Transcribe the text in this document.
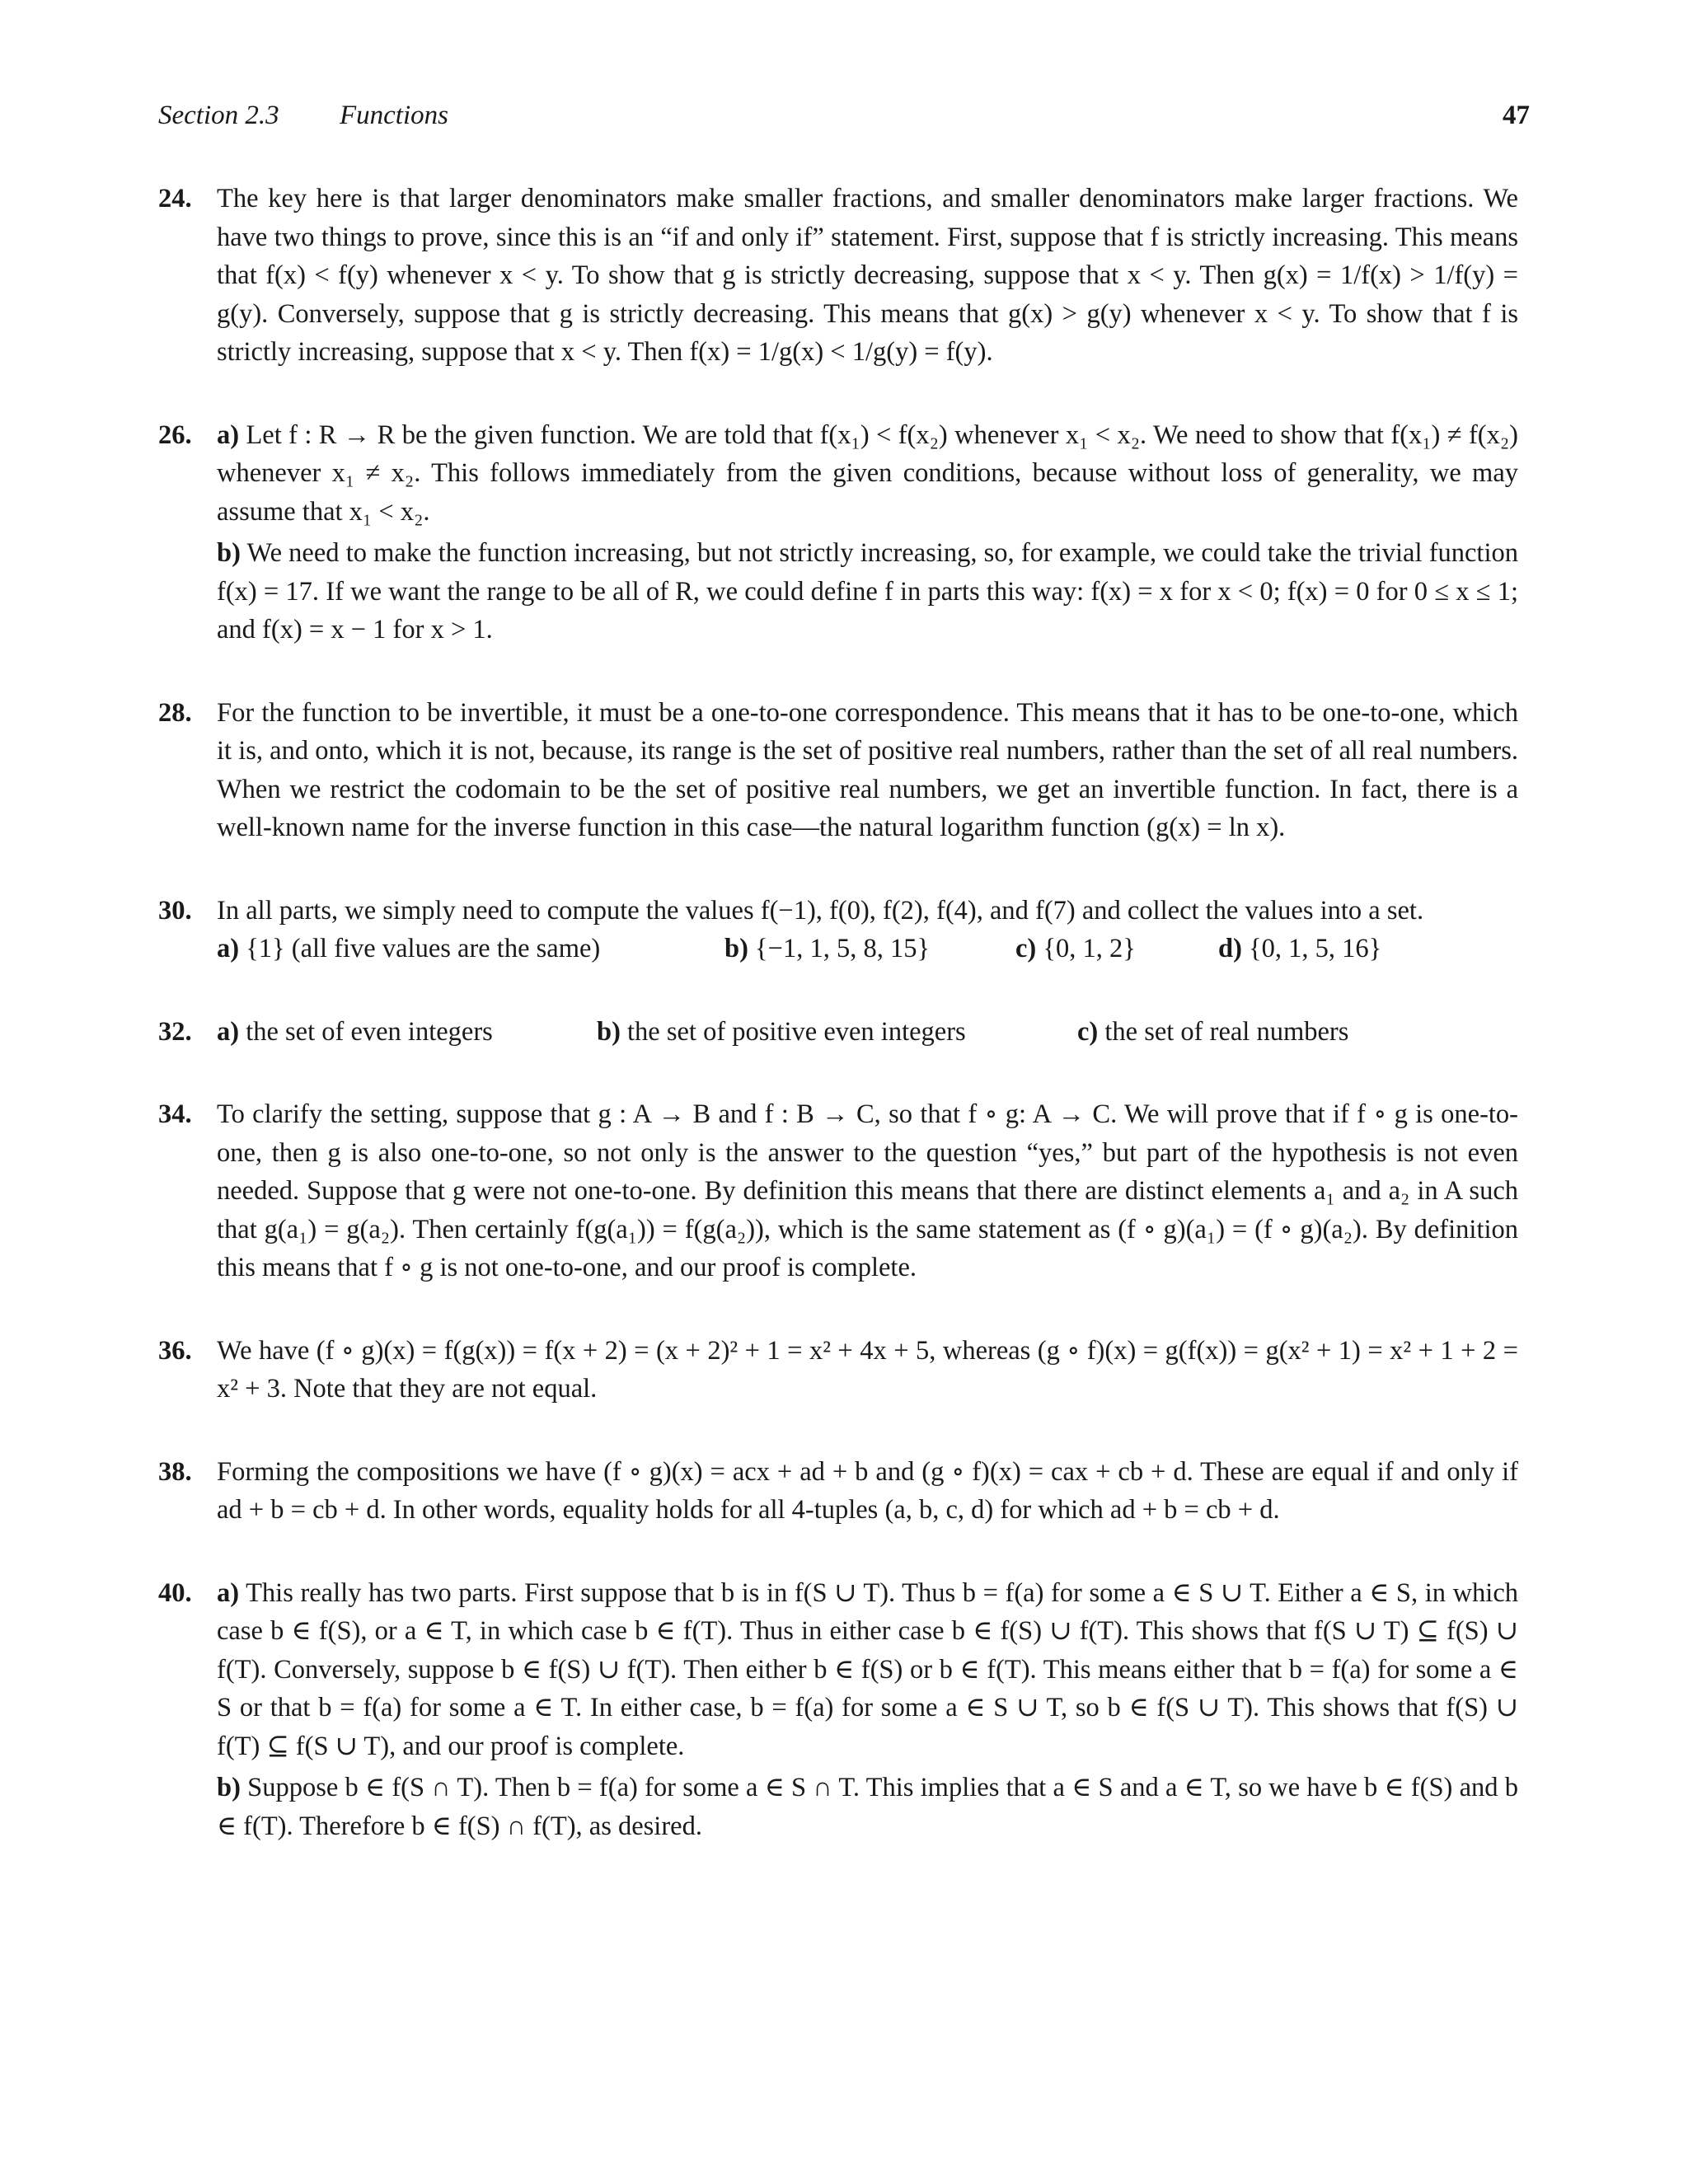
Section 2.3 Functions	47
24. The key here is that larger denominators make smaller fractions, and smaller denominators make larger fractions. We have two things to prove, since this is an “if and only if” statement. First, suppose that f is strictly increasing. This means that f(x) < f(y) whenever x < y. To show that g is strictly decreasing, suppose that x < y. Then g(x) = 1/f(x) > 1/f(y) = g(y). Conversely, suppose that g is strictly decreasing. This means that g(x) > g(y) whenever x < y. To show that f is strictly increasing, suppose that x < y. Then f(x) = 1/g(x) < 1/g(y) = f(y).

26. a) Let f : R → R be the given function. We are told that f(x₁) < f(x₂) whenever x₁ < x₂. We need to show that f(x₁) ≠ f(x₂) whenever x₁ ≠ x₂. This follows immediately from the given conditions, because without loss of generality, we may assume that x₁ < x₂.

b) We need to make the function increasing, but not strictly increasing, so, for example, we could take the trivial function f(x) = 17. If we want the range to be all of R, we could define f in parts this way: f(x) = x for x < 0; f(x) = 0 for 0 ≤ x ≤ 1; and f(x) = x − 1 for x > 1.

28. For the function to be invertible, it must be a one-to-one correspondence. This means that it has to be one-to-one, which it is, and onto, which it is not, because, its range is the set of positive real numbers, rather than the set of all real numbers. When we restrict the codomain to be the set of positive real numbers, we get an invertible function. In fact, there is a well-known name for the inverse function in this case—the natural logarithm function (g(x) = ln x).

30. In all parts, we simply need to compute the values f(−1), f(0), f(2), f(4), and f(7) and collect the values into a set.

a) {1} (all five values are the same)	b) {−1, 1, 5, 8, 15}	c) {0, 1, 2}	d) {0, 1, 5, 16}
32. a) the set of even integers	b) the set of positive even integers	c) the set of real numbers
34. To clarify the setting, suppose that g : A → B and f : B → C, so that f ∘ g: A → C. We will prove that if f ∘ g is one-to-one, then g is also one-to-one, so not only is the answer to the question “yes,” but part of the hypothesis is not even needed. Suppose that g were not one-to-one. By definition this means that there are distinct elements a₁ and a₂ in A such that g(a₁) = g(a₂). Then certainly f(g(a₁)) = f(g(a₂)), which is the same statement as (f ∘ g)(a₁) = (f ∘ g)(a₂). By definition this means that f ∘ g is not one-to-one, and our proof is complete.

36. We have (f ∘ g)(x) = f(g(x)) = f(x + 2) = (x + 2)² + 1 = x² + 4x + 5, whereas (g ∘ f)(x) = g(f(x)) = g(x² + 1) = x² + 1 + 2 = x² + 3. Note that they are not equal.

38. Forming the compositions we have (f ∘ g)(x) = acx + ad + b and (g ∘ f)(x) = cax + cb + d. These are equal if and only if ad + b = cb + d. In other words, equality holds for all 4-tuples (a, b, c, d) for which ad + b = cb + d.

40. a) This really has two parts. First suppose that b is in f(S ∪ T). Thus b = f(a) for some a ∈ S ∪ T. Either a ∈ S, in which case b ∈ f(S), or a ∈ T, in which case b ∈ f(T). Thus in either case b ∈ f(S) ∪ f(T). This shows that f(S ∪ T) ⊆ f(S) ∪ f(T). Conversely, suppose b ∈ f(S) ∪ f(T). Then either b ∈ f(S) or b ∈ f(T). This means either that b = f(a) for some a ∈ S or that b = f(a) for some a ∈ T. In either case, b = f(a) for some a ∈ S ∪ T, so b ∈ f(S ∪ T). This shows that f(S) ∪ f(T) ⊆ f(S ∪ T), and our proof is complete.

b) Suppose b ∈ f(S ∩ T). Then b = f(a) for some a ∈ S ∩ T. This implies that a ∈ S and a ∈ T, so we have b ∈ f(S) and b ∈ f(T). Therefore b ∈ f(S) ∩ f(T), as desired.
